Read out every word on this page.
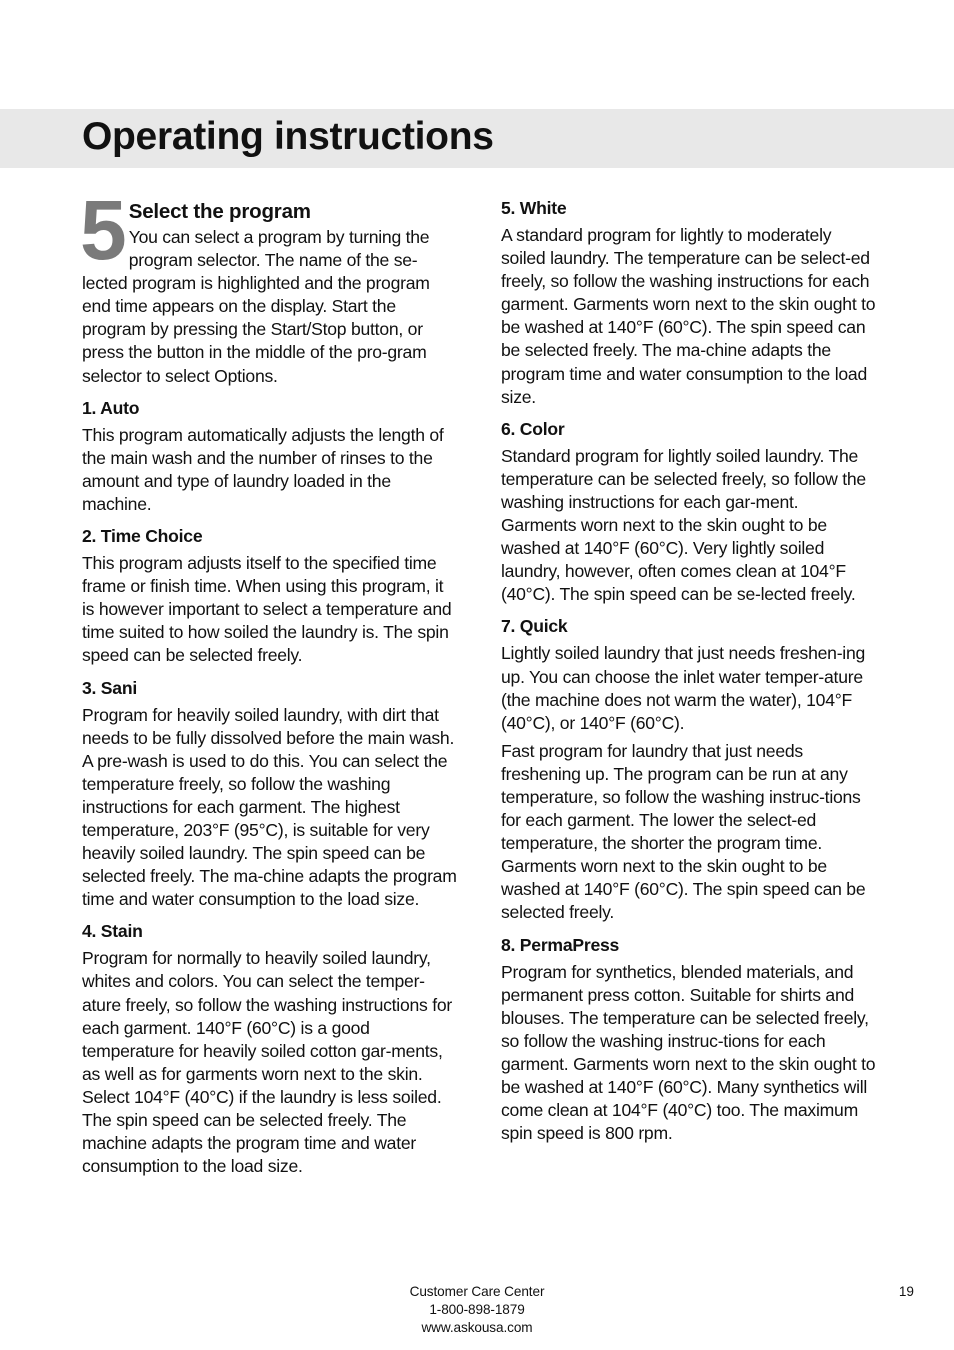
Operating instructions
5 Select the program

You can select a program by turning the program selector. The name of the se-lected program is highlighted and the program end time appears on the display. Start the program by pressing the Start/Stop button, or press the button in the middle of the pro-gram selector to select Options.

1. Auto

This program automatically adjusts the length of the main wash and the number of rinses to the amount and type of laundry loaded in the machine.

2. Time Choice

This program adjusts itself to the specified time frame or finish time. When using this program, it is however important to select a temperature and time suited to how soiled the laundry is. The spin speed can be selected freely.

3. Sani

Program for heavily soiled laundry, with dirt that needs to be fully dissolved before the main wash. A pre-wash is used to do this. You can select the temperature freely, so follow the washing instructions for each garment. The highest temperature, 203°F (95°C), is suitable for very heavily soiled laundry. The spin speed can be selected freely. The ma-chine adapts the program time and water consumption to the load size.

4. Stain

Program for normally to heavily soiled laundry, whites and colors. You can select the temper-ature freely, so follow the washing instructions for each garment. 140°F (60°C) is a good temperature for heavily soiled cotton gar-ments, as well as for garments worn next to the skin. Select 104°F (40°C) if the laundry is less soiled. The spin speed can be selected freely. The machine adapts the program time and water consumption to the load size.

5. White

A standard program for lightly to moderately soiled laundry. The temperature can be select-ed freely, so follow the washing instructions for each garment. Garments worn next to the skin ought to be washed at 140°F (60°C). The spin speed can be selected freely. The ma-chine adapts the program time and water consumption to the load size.

6. Color

Standard program for lightly soiled laundry. The temperature can be selected freely, so follow the washing instructions for each gar-ment. Garments worn next to the skin ought to be washed at 140°F (60°C). Very lightly soiled laundry, however, often comes clean at 104°F (40°C). The spin speed can be se-lected freely.

7. Quick

Lightly soiled laundry that just needs freshen-ing up. You can choose the inlet water temper-ature (the machine does not warm the water), 104°F (40°C), or 140°F (60°C).

Fast program for laundry that just needs freshening up. The program can be run at any temperature, so follow the washing instruc-tions for each garment. The lower the select-ed temperature, the shorter the program time. Garments worn next to the skin ought to be washed at 140°F (60°C). The spin speed can be selected freely.

8. PermaPress

Program for synthetics, blended materials, and permanent press cotton. Suitable for shirts and blouses. The temperature can be selected freely, so follow the washing instruc-tions for each garment. Garments worn next to the skin ought to be washed at 140°F (60°C). Many synthetics will come clean at 104°F (40°C) too. The maximum spin speed is 800 rpm.

Customer Care Center
1-800-898-1879
www.askousa.com
19
